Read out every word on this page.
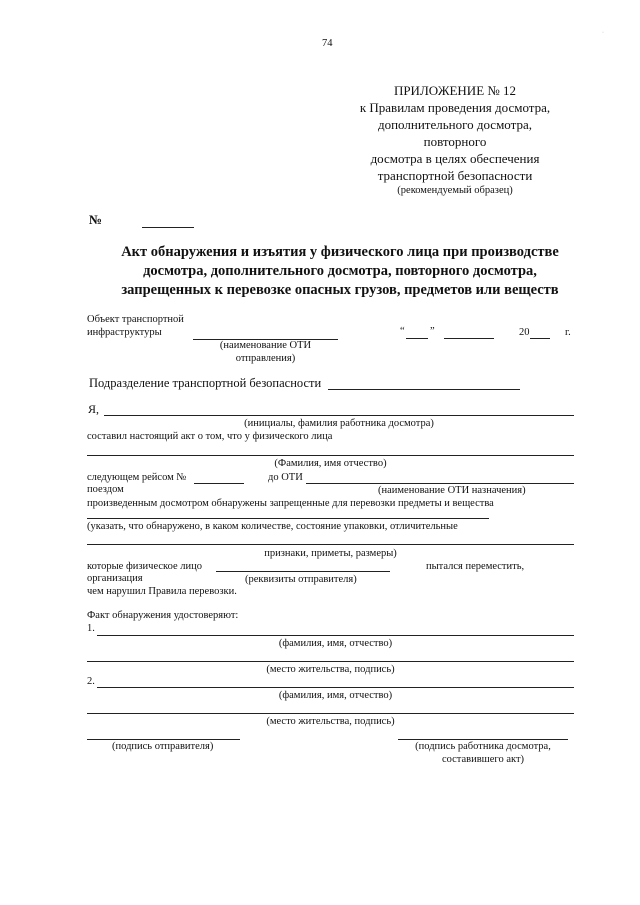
74
·
ПРИЛОЖЕНИЕ № 12
к Правилам проведения досмотра,
дополнительного досмотра,
повторного
досмотра в целях обеспечения
транспортной безопасности
(рекомендуемый образец)
№
Акт обнаружения и изъятия у физического лица при производстве
досмотра, дополнительного досмотра, повторного досмотра,
запрещенных к перевозке опасных грузов, предметов или веществ
Объект транспортной
инфраструктуры
(наименование ОТИ
отправления)
“ ”	20	г.
Подразделение транспортной безопасности
Я,
(инициалы, фамилия работника досмотра)
составил настоящий акт о том, что у физического лица
(Фамилия, имя отчество)
следующем рейсом №	до ОТИ
поездом	(наименование ОТИ назначения)
произведенным досмотром обнаружены запрещенные для перевозки предметы и вещества
(указать, что обнаружено, в каком количестве, состояние упаковки, отличительные
признаки, приметы, размеры)
которые физическое лицо	пытался переместить,
организация	(реквизиты отправителя)
чем нарушил Правила перевозки.
Факт обнаружения удостоверяют:
1.
(фамилия, имя, отчество)
(место жительства, подпись)
2.
(фамилия, имя, отчество)
(место жительства, подпись)
(подпись отправителя)	(подпись работника досмотра,
составившего акт)
